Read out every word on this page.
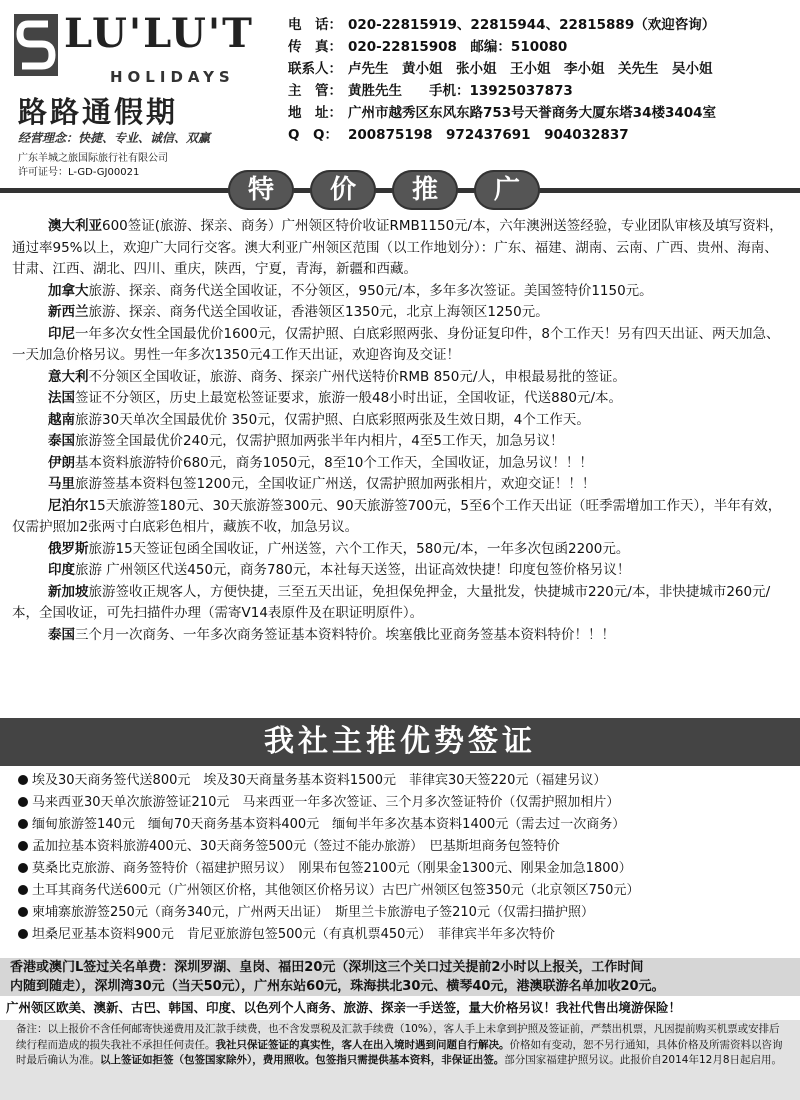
LU'LU'T
HOLIDAYS
路路通假期
经营理念：快捷、专业、诚信、双赢
广东羊城之旅国际旅行社有限公司
许可证号：L-GD-GJ00021
电　话： 020-22815919、22815944、22815889（欢迎咨询）
传　真： 020-22815908　邮编：510080
联系人： 卢先生　黄小姐　张小姐　王小姐　李小姐　关先生　吴小姐
主　管： 黄胜先生　　手机：13925037873
地　址： 广州市越秀区东风东路753号天誉商务大厦东塔34楼3404室
Q　Q： 200875198　972437691　904032837
特	价	推	广

澳大利亚600签证(旅游、探亲、商务）广州领区特价收证RMB1150元/本，六年澳洲送签经验，专业团队审核及填写资料，通过率95%以上，欢迎广大同行交客。澳大利亚广州领区范围（以工作地划分）：广东、福建、湖南、云南、广西、贵州、海南、甘肃、江西、湖北、四川、重庆，陕西，宁夏，青海，新疆和西藏。

加拿大旅游、探亲、商务代送全国收证，不分领区，950元/本，多年多次签证。美国签特价1150元。

新西兰旅游、探亲、商务代送全国收证，香港领区1350元，北京上海领区1250元。

印尼一年多次女性全国最优价1600元，仅需护照、白底彩照两张、身份证复印件，8个工作天！另有四天出证、两天加急、一天加急价格另议。男性一年多次1350元4工作天出证，欢迎咨询及交证！

意大利不分领区全国收证，旅游、商务、探亲广州代送特价RMB 850元/人，申根最易批的签证。

法国签证不分领区，历史上最宽松签证要求，旅游一般48小时出证，全国收证，代送880元/本。

越南旅游30天单次全国最优价 350元，仅需护照、白底彩照两张及生效日期，4个工作天。

泰国旅游签全国最优价240元，仅需护照加两张半年内相片，4至5工作天，加急另议！

伊朗基本资料旅游特价680元，商务1050元，8至10个工作天，全国收证，加急另议！！！

马里旅游签基本资料包签1200元，全国收证广州送，仅需护照加两张相片，欢迎交证！！！

尼泊尔15天旅游签180元、30天旅游签300元、90天旅游签700元，5至6个工作天出证（旺季需增加工作天），半年有效，仅需护照加2张两寸白底彩色相片，藏族不收，加急另议。

俄罗斯旅游15天签证包函全国收证，广州送签，六个工作天，580元/本，一年多次包函2200元。

印度旅游 广州领区代送450元，商务780元，本社每天送签，出证高效快捷！印度包签价格另议！

新加坡旅游签收正规客人，方便快捷，三至五天出证，免担保免押金，大量批发，快捷城市220元/本，非快捷城市260元/本，全国收证，可先扫描件办理（需寄V14表原件及在职证明原件）。

泰国三个月一次商务、一年多次商务签证基本资料特价。埃塞俄比亚商务签基本资料特价！！！

我社主推优势签证
埃及30天商务签代送800元　埃及30天商量务基本资料1500元　菲律宾30天签220元（福建另议）
马来西亚30天单次旅游签证210元　马来西亚一年多次签证、三个月多次签证特价（仅需护照加相片）
缅甸旅游签140元　缅甸70天商务基本资料400元　缅甸半年多次基本资料1400元（需去过一次商务）
孟加拉基本资料旅游400元、30天商务签500元（签过不能办旅游）　巴基斯坦商务包签特价
莫桑比克旅游、商务签特价（福建护照另议）　刚果布包签2100元（刚果金1300元、刚果金加急1800）
土耳其商务代送600元（广州领区价格，其他领区价格另议）古巴广州领区包签350元（北京领区750元）
柬埔寨旅游签250元（商务340元，广州两天出证）　斯里兰卡旅游电子签210元（仅需扫描护照）
坦桑尼亚基本资料900元　肯尼亚旅游包签500元（有真机票450元）　菲律宾半年多次特价
香港或澳门L签过关名单费：深圳罗湖、皇岗、福田20元（深圳这三个关口过关提前2小时以上报关，工作时间
内随到随走），深圳湾30元（当天50元），广州东站60元，珠海拱北30元、横琴40元，港澳联游名单加收20元。
广州领区欧美、澳新、古巴、韩国、印度、以色列个人商务、旅游、探亲一手送签，量大价格另议！我社代售出境游保险！
备注：以上报价不含任何邮寄快递费用及汇款手续费，也不含发票税及汇款手续费（10%），客人手上未拿到护照及签证前，严禁出机票，凡因提前购买机票或安排后续行程而造成的损失我社不承担任何责任。我社只保证签证的真实性，客人在出入境时遇到问题自行解决。价格如有变动，恕不另行通知，具体价格及所需资料以咨询时最后确认为准。以上签证如拒签（包签国家除外），费用照收。包签指只需提供基本资料，非保证出签。部分国家福建护照另议。此报价自2014年12月8日起启用。
